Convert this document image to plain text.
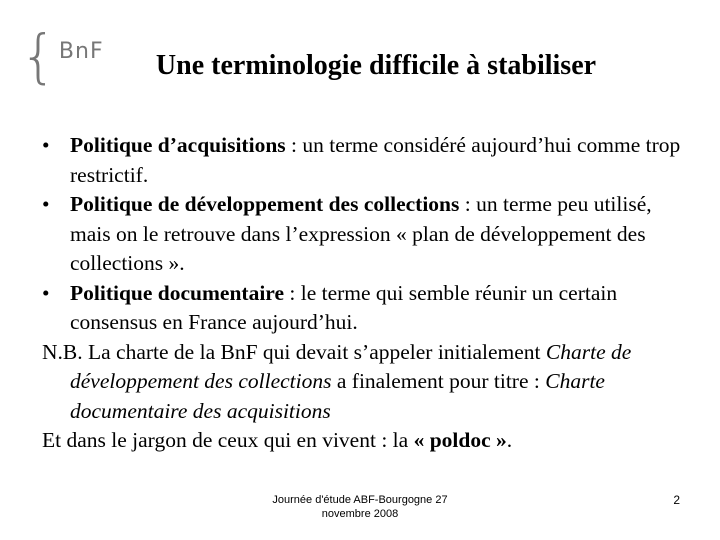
{ BnF	Une terminologie difficile à stabiliser

• Politique d’acquisitions : un terme considéré aujourd’hui comme trop restrictif.

• Politique de développement des collections : un terme peu utilisé, mais on le retrouve dans l’expression « plan de développement des collections ».

• Politique documentaire : le terme qui semble réunir un certain consensus en France aujourd’hui.

N.B. La charte de la BnF qui devait s’appeler initialement Charte de développement des collections a finalement pour titre : Charte documentaire des acquisitions

Et dans le jargon de ceux qui en vivent : la « poldoc ».

Journée d'étude ABF-Bourgogne 27
novembre 2008
2
